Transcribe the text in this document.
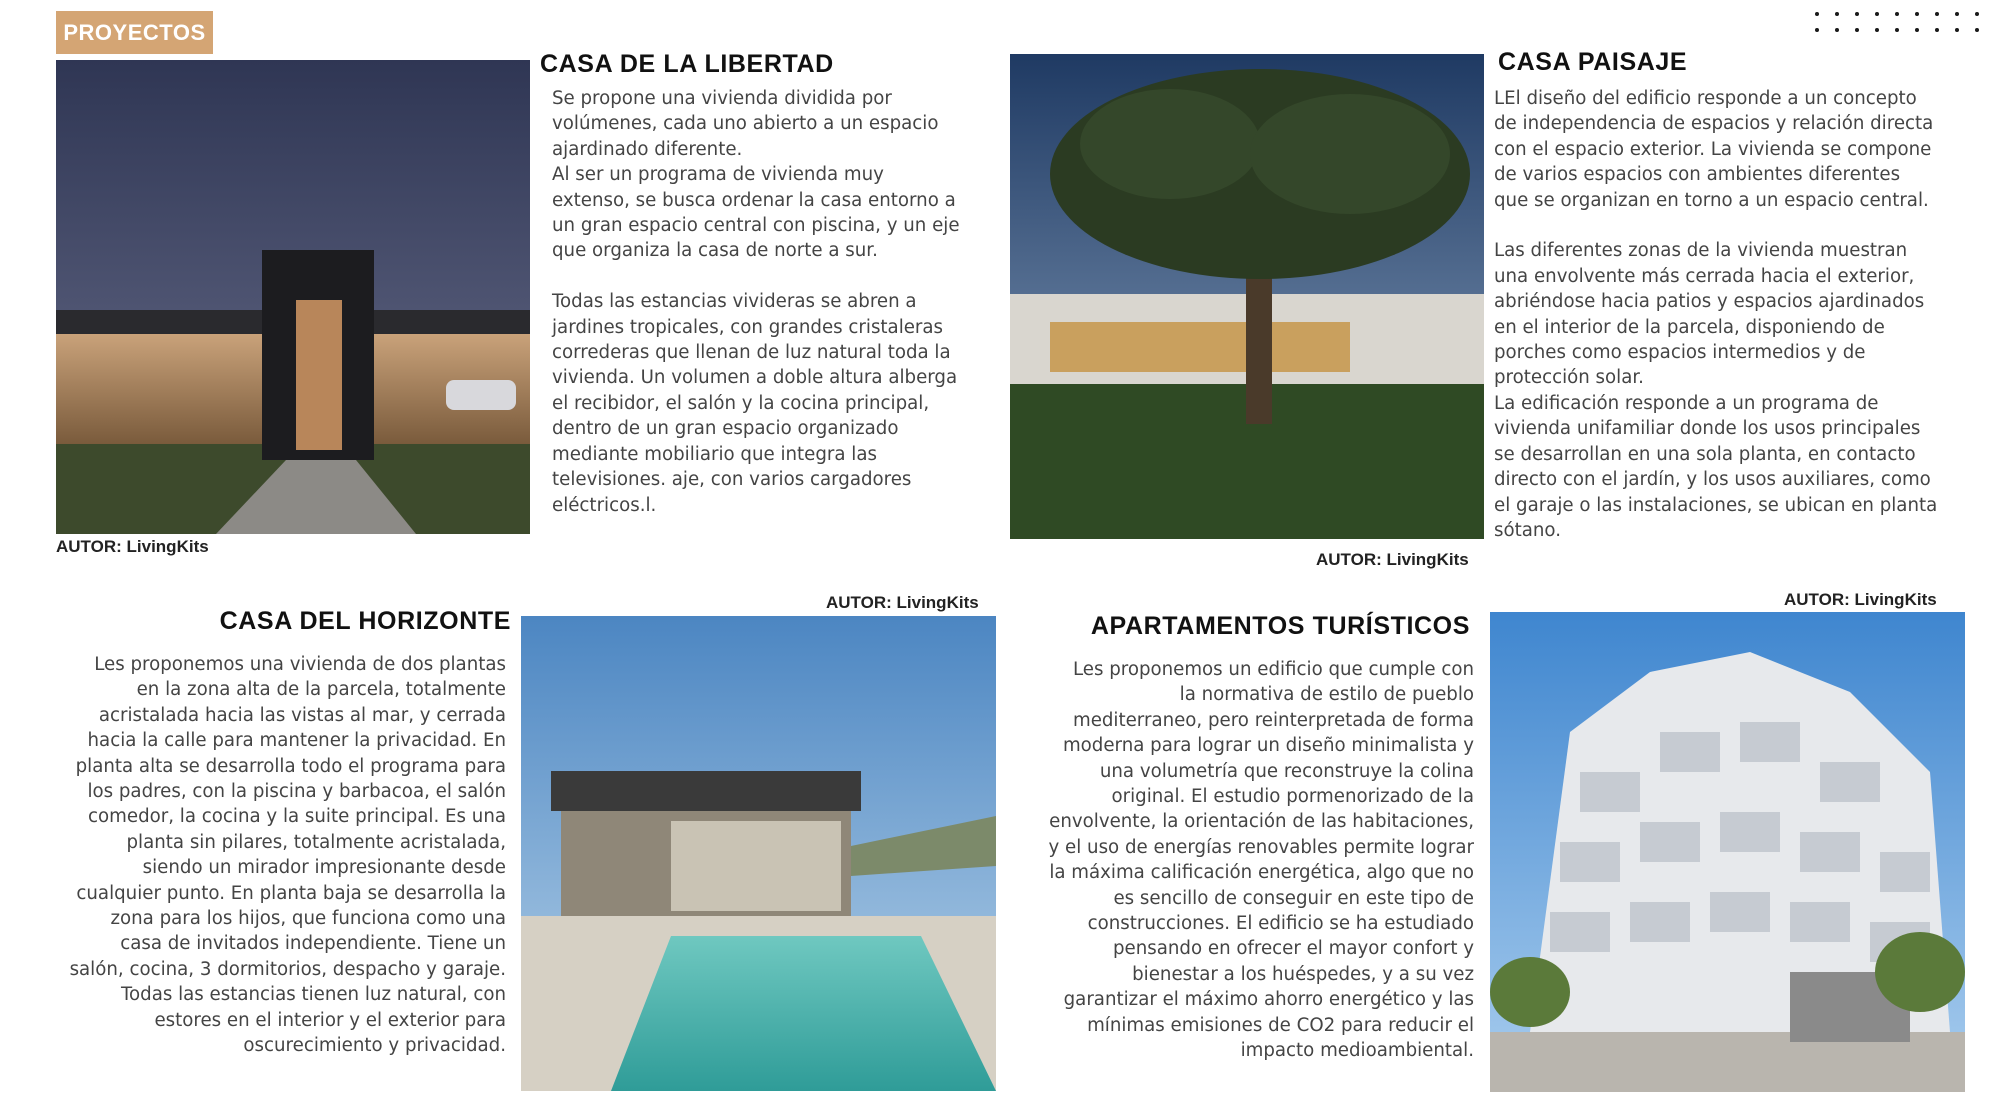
PROYECTOS
CASA DE LA LIBERTAD
Se propone una vivienda dividida por
volúmenes, cada uno abierto a un espacio
ajardinado diferente.
Al ser un programa de vivienda muy
extenso, se busca ordenar la casa entorno a
un gran espacio central con piscina, y un eje
que organiza la casa de norte a sur.

Todas las estancias vivideras se abren a
jardines tropicales, con grandes cristaleras
correderas que llenan de luz natural toda la
vivienda. Un volumen a doble altura alberga
el recibidor, el salón y la cocina principal,
dentro de un gran espacio organizado
mediante mobiliario que integra las
televisiones. aje, con varios cargadores
eléctricos.l.
AUTOR: LivingKits
CASA PAISAJE
LEl diseño del edificio responde a un concepto
de independencia de espacios y relación directa
con el espacio exterior. La vivienda se compone
de varios espacios con ambientes diferentes
que se organizan en torno a un espacio central.

Las diferentes zonas de la vivienda muestran
una envolvente más cerrada hacia el exterior,
abriéndose hacia patios y espacios ajardinados
en el interior de la parcela, disponiendo de
porches como espacios intermedios y de
protección solar.
La edificación responde a un programa de
vivienda unifamiliar donde los usos principales
se desarrollan en una sola planta, en contacto
directo con el jardín, y los usos auxiliares, como
el garaje o las instalaciones, se ubican en planta
sótano.
AUTOR: LivingKits
AUTOR: LivingKits
CASA DEL HORIZONTE
Les proponemos una vivienda de dos plantas
en la zona alta de la parcela, totalmente
acristalada hacia las vistas al mar, y cerrada
hacia la calle para mantener la privacidad. En
planta alta se desarrolla todo el programa para
los padres, con la piscina y barbacoa, el salón
comedor, la cocina y la suite principal. Es una
planta sin pilares, totalmente acristalada,
siendo un mirador impresionante desde
cualquier punto. En planta baja se desarrolla la
zona para los hijos, que funciona como una
casa de invitados independiente. Tiene un
salón, cocina, 3 dormitorios, despacho y garaje.
Todas las estancias tienen luz natural, con
estores en el interior y el exterior para
oscurecimiento y privacidad.
AUTOR: LivingKits
APARTAMENTOS TURÍSTICOS
Les proponemos un edificio que cumple con
la normativa de estilo de pueblo
mediterraneo, pero reinterpretada de forma
moderna para lograr un diseño minimalista y
una volumetría que reconstruye la colina
original. El estudio pormenorizado de la
envolvente, la orientación de las habitaciones,
y el uso de energías renovables permite lograr
la máxima calificación energética, algo que no
es sencillo de conseguir en este tipo de
construcciones. El edificio se ha estudiado
pensando en ofrecer el mayor confort y
bienestar a los huéspedes, y a su vez
garantizar el máximo ahorro energético y las
mínimas emisiones de CO2 para reducir el
impacto medioambiental.
